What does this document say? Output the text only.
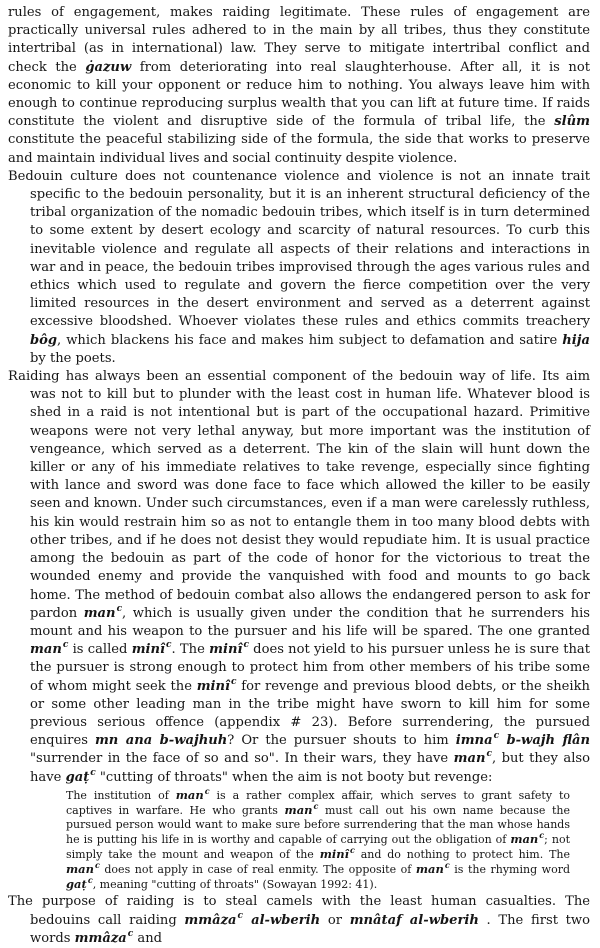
rules of engagement, makes raiding legitimate. These rules of engagement are practically universal rules adhered to in the main by all tribes, thus they constitute intertribal (as in international) law. They serve to mitigate intertribal conflict and check the ġazuw from deteriorating into real slaughterhouse. After all, it is not economic to kill your opponent or reduce him to nothing. You always leave him with enough to continue reproducing surplus wealth that you can lift at future time. If raids constitute the violent and disruptive side of the formula of tribal life, the slûm constitute the peaceful stabilizing side of the formula, the side that works to preserve and maintain individual lives and social continuity despite violence.

Bedouin culture does not countenance violence and violence is not an innate trait specific to the bedouin personality, but it is an inherent structural deficiency of the tribal organization of the nomadic bedouin tribes, which itself is in turn determined to some extent by desert ecology and scarcity of natural resources. To curb this inevitable violence and regulate all aspects of their relations and interactions in war and in peace, the bedouin tribes improvised through the ages various rules and ethics which used to regulate and govern the fierce competition over the very limited resources in the desert environment and served as a deterrent against excessive bloodshed. Whoever violates these rules and ethics commits treachery bôg, which blackens his face and makes him subject to defamation and satire hija by the poets.

Raiding has always been an essential component of the bedouin way of life. Its aim was not to kill but to plunder with the least cost in human life. Whatever blood is shed in a raid is not intentional but is part of the occupational hazard. Primitive weapons were not very lethal anyway, but more important was the institution of vengeance, which served as a deterrent. The kin of the slain will hunt down the killer or any of his immediate relatives to take revenge, especially since fighting with lance and sword was done face to face which allowed the killer to be easily seen and known. Under such circumstances, even if a man were carelessly ruthless, his kin would restrain him so as not to entangle them in too many blood debts with other tribes, and if he does not desist they would repudiate him. It is usual practice among the bedouin as part of the code of honor for the victorious to treat the wounded enemy and provide the vanquished with food and mounts to go back home. The method of bedouin combat also allows the endangered person to ask for pardon man$^c$, which is usually given under the condition that he surrenders his mount and his weapon to the pursuer and his life will be spared. The one granted man$^c$ is called minî$^c$. The minî$^c$ does not yield to his pursuer unless he is sure that the pursuer is strong enough to protect him from other members of his tribe some of whom might seek the minî$^c$ for revenge and previous blood debts, or the sheikh or some other leading man in the tribe might have sworn to kill him for some previous serious offence (appendix # 23). Before surrendering, the pursued enquires mn ana b-wajhuh? Or the pursuer shouts to him imna$^c$ b-wajh flân "surrender in the face of so and so". In their wars, they have man$^c$, but they also have gaṭ$^c$ "cutting of throats" when the aim is not booty but revenge:

The institution of man$^c$ is a rather complex affair, which serves to grant safety to captives in warfare. He who grants man$^c$ must call out his own name because the pursued person would want to make sure before surrendering that the man whose hands he is putting his life in is worthy and capable of carrying out the obligation of man$^c$; not simply take the mount and weapon of the minî$^c$ and do nothing to protect him. The man$^c$ does not apply in case of real enmity. The opposite of man$^c$ is the rhyming word gaṭ$^c$, meaning "cutting of throats" (Sowayan 1992: 41).

The purpose of raiding is to steal camels with the least human casualties. The bedouins call raiding mmâza$^c$ al-wberih or mnâtaf al-wberih . The first two words mmâza$^c$ and
